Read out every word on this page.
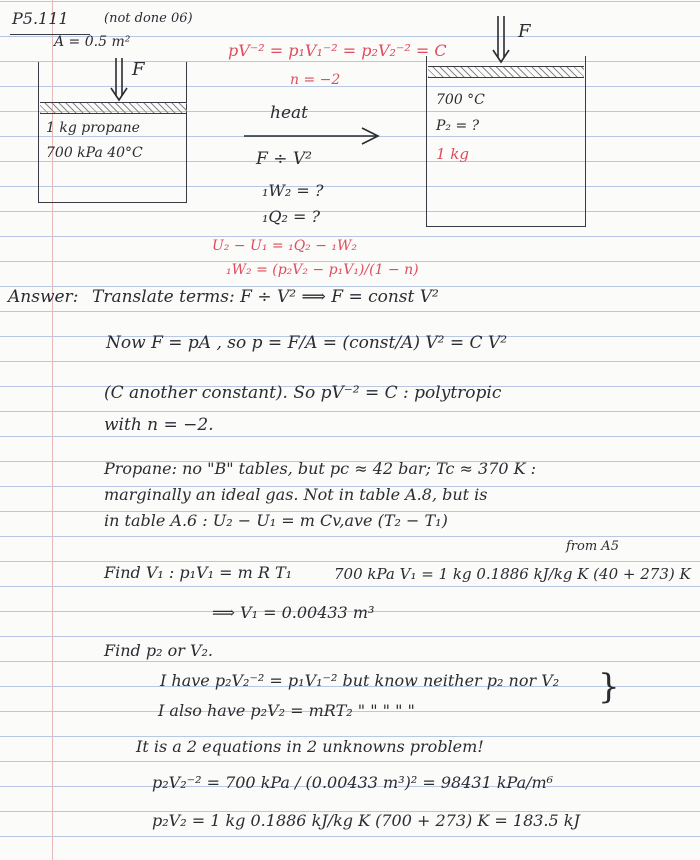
P5.111	(not done 06)
A = 0.5 m²
F
1 kg propane
700 kPa 40°C
pV⁻² = p₁V₁⁻² = p₂V₂⁻² = C
n = −2
heat
F ÷ V²
₁W₂ = ?
₁Q₂ = ?
U₂ − U₁ = ₁Q₂ − ₁W₂
₁W₂ = (p₂V₂ − p₁V₁)/(1 − n)
F
700 °C
P₂ = ?
1 kg
Answer: Translate terms: F ÷ V² ⟹ F = const V²
Now F = pA , so p = F/A = (const/A) V² = C V²
(C another constant). So pV⁻² = C : polytropic
with n = −2.
Propane: no "B" tables, but pc ≈ 42 bar; Tc ≈ 370 K :
marginally an ideal gas. Not in table A.8, but is
in table A.6 : U₂ − U₁ = m Cv,ave (T₂ − T₁)
from A5
Find V₁ : p₁V₁ = m R T₁	700 kPa V₁ = 1 kg 0.1886 kJ/kg K (40 + 273) K
⟹ V₁ = 0.00433 m³
Find p₂ or V₂.
I have p₂V₂⁻² = p₁V₁⁻² but know neither p₂ nor V₂
I also have p₂V₂ = mRT₂ " " " " "
}
It is a 2 equations in 2 unknowns problem!
p₂V₂⁻² = 700 kPa / (0.00433 m³)² = 98431 kPa/m⁶
p₂V₂ = 1 kg 0.1886 kJ/kg K (700 + 273) K = 183.5 kJ
